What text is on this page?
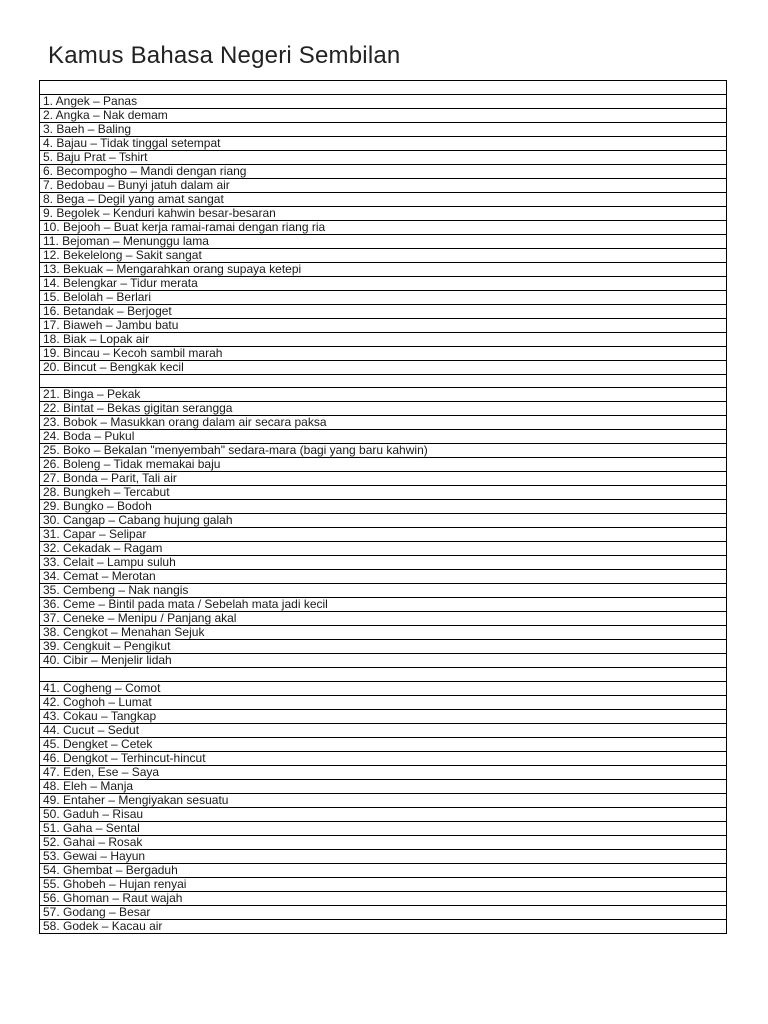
Kamus Bahasa Negeri Sembilan

1. Angek – Panas
2. Angka – Nak demam
3. Baeh – Baling
4. Bajau – Tidak tinggal setempat
5. Baju Prat – Tshirt
6. Becompogho – Mandi dengan riang
7. Bedobau – Bunyi jatuh dalam air
8. Bega – Degil yang amat sangat
9. Begolek – Kenduri kahwin besar-besaran
10. Bejooh – Buat kerja ramai-ramai dengan riang ria
11. Bejoman – Menunggu lama
12. Bekelelong – Sakit sangat
13. Bekuak – Mengarahkan orang supaya ketepi
14. Belengkar – Tidur merata
15. Belolah – Berlari
16. Betandak – Berjoget
17. Biaweh – Jambu batu
18. Biak – Lopak air
19. Bincau – Kecoh sambil marah
20. Bincut – Bengkak kecil

21. Binga – Pekak
22. Bintat – Bekas gigitan serangga
23. Bobok – Masukkan orang dalam air secara paksa
24. Boda – Pukul
25. Boko – Bekalan "menyembah" sedara-mara (bagi yang baru kahwin)
26. Boleng – Tidak memakai baju
27. Bonda – Parit, Tali air
28. Bungkeh – Tercabut
29. Bungko – Bodoh
30. Cangap – Cabang hujung galah
31. Capar – Selipar
32. Cekadak – Ragam
33. Celait – Lampu suluh
34. Cemat – Merotan
35. Cembeng – Nak nangis
36. Ceme – Bintil pada mata / Sebelah mata jadi kecil
37. Ceneke – Menipu / Panjang akal
38. Cengkot – Menahan Sejuk
39. Cengkuit – Pengikut
40. Cibir – Menjelir lidah

41. Cogheng – Comot
42. Coghoh – Lumat
43. Cokau – Tangkap
44. Cucut – Sedut
45. Dengket – Cetek
46. Dengkot – Terhincut-hincut
47. Eden, Ese – Saya
48. Eleh – Manja
49. Entaher – Mengiyakan sesuatu
50. Gaduh – Risau
51. Gaha – Sental
52. Gahai – Rosak
53. Gewai – Hayun
54. Ghembat – Bergaduh
55. Ghobeh – Hujan renyai
56. Ghoman – Raut wajah
57. Godang – Besar
58. Godek – Kacau air
